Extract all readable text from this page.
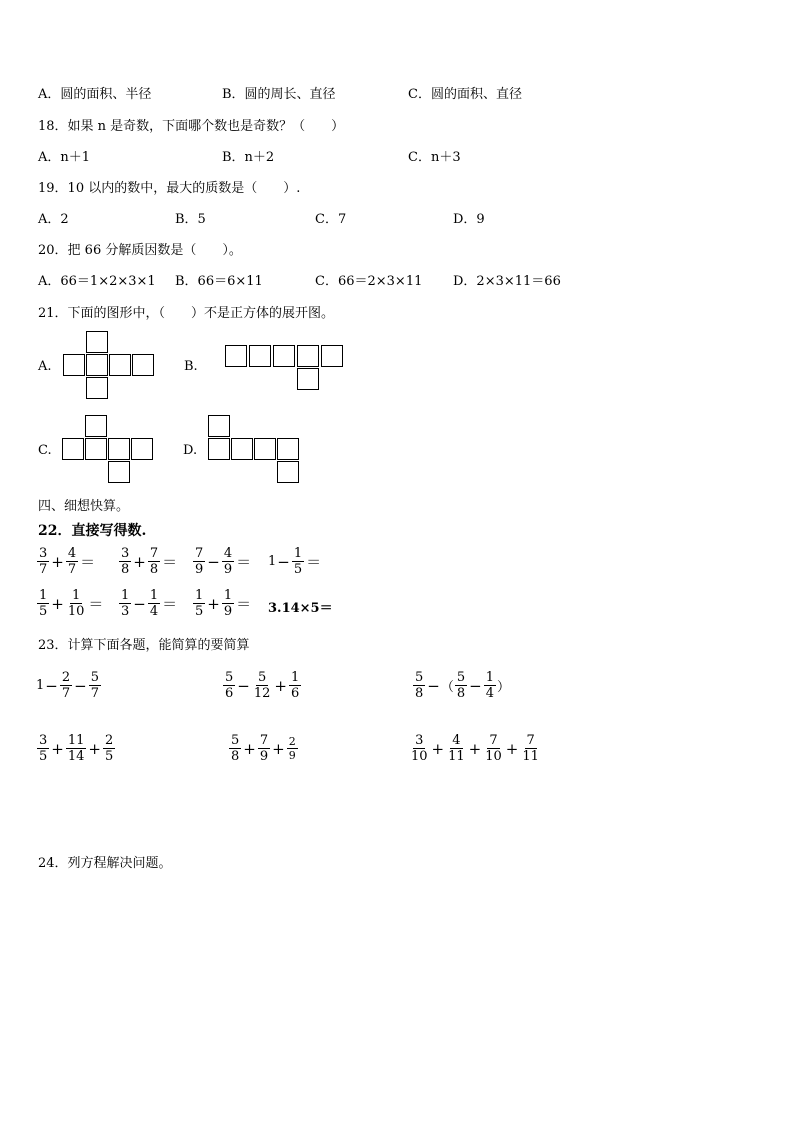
A．圆的面积、半径	B．圆的周长、直径	C．圆的面积、直径
18．如果 n 是奇数，下面哪个数也是奇数？（　　）
A．n＋1	B．n＋2	C．n＋3
19．10 以内的数中，最大的质数是（　　）.
A．2	B．5	C．7	D．9
20．把 66 分解质因数是（　　）。
A．66＝1×2×3×1 B．66＝6×11	C．66＝2×3×11 D．2×3×11＝66
21．下面的图形中，（　　）不是正方体的展开图。
A.	B.
C.	D.
四、细想快算。
22．直接写得数.
$\frac{3}{7} + \frac{4}{7} = \frac{3}{8} + \frac{7}{8} = \frac{7}{9} - \frac{4}{9} = 1 - \frac{1}{5}$ ＝
$\frac{1}{5} + \frac{1}{10} = \frac{1}{3} - \frac{1}{4} = \frac{1}{5} + \frac{1}{9} = 3.14\times 5=$
23．计算下面各题，能简算的要简算
$1 - \frac{2}{7} - \frac{5}{7}$	$\frac{5}{6} - \frac{5}{12} + \frac{1}{6}$	$\frac{5}{8}$ − （ $\frac{5}{8} - \frac{1}{4}$ ）
$\frac{3}{5} + \frac{11}{14} + \frac{2}{5}$	$\frac{5}{8} + \frac{7}{9} + \frac{2}{9}$	$\frac{3}{10} + \frac{4}{11} + \frac{7}{10} + \frac{7}{11}$
24．列方程解决问题。
